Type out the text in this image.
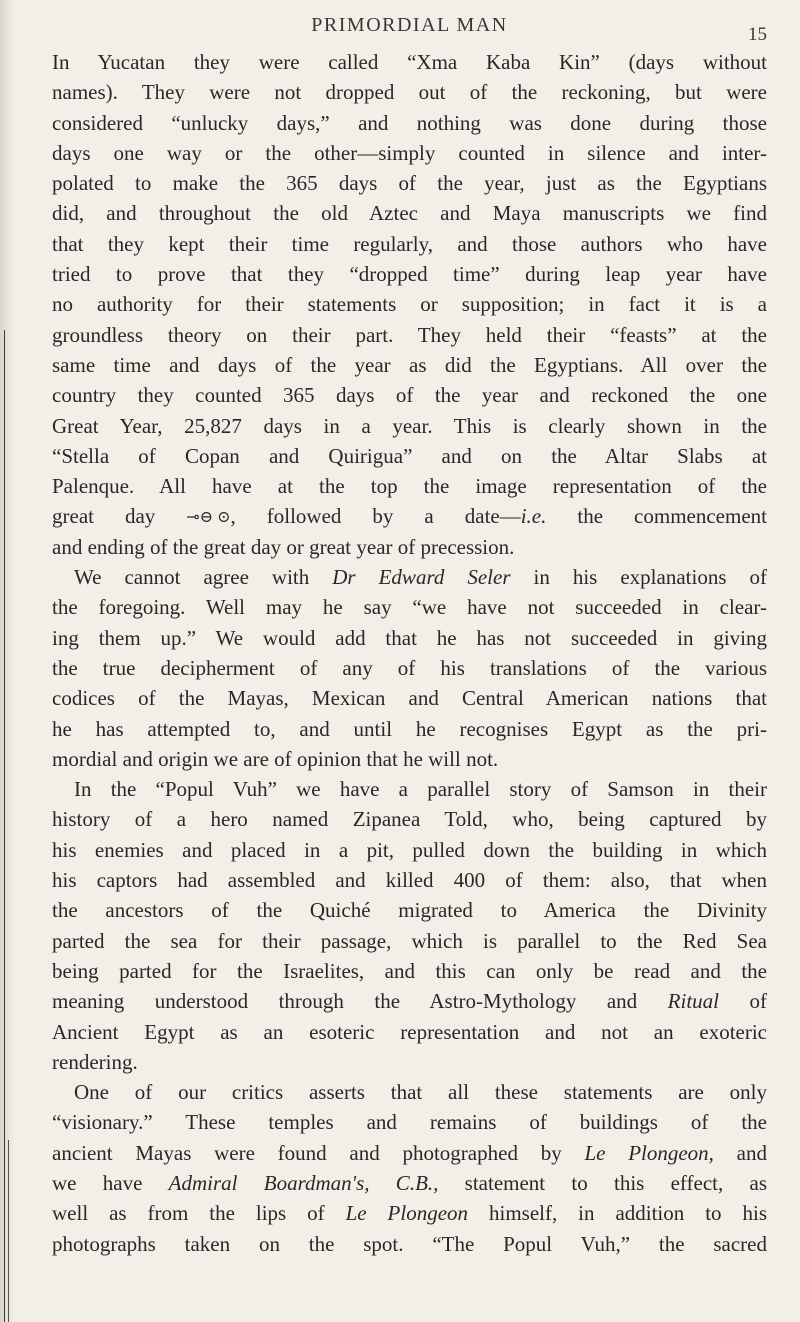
PRIMORDIAL MAN	15
In Yucatan they were called “Xma Kaba Kin” (days without
names). They were not dropped out of the reckoning, but were
considered “unlucky days,” and nothing was done during those
days one way or the other—simply counted in silence and inter-
polated to make the 365 days of the year, just as the Egyptians
did, and throughout the old Aztec and Maya manuscripts we find
that they kept their time regularly, and those authors who have
tried to prove that they “dropped time” during leap year have
no authority for their statements or supposition; in fact it is a
groundless theory on their part. They held their “feasts” at the
same time and days of the year as did the Egyptians. All over the
country they counted 365 days of the year and reckoned the one
Great Year, 25,827 days in a year. This is clearly shown in the
“Stella of Copan and Quirigua” and on the Altar Slabs at
Palenque. All have at the top the image representation of the
great day ⊸⊖ ⊙, followed by a date—i.e. the commencement
and ending of the great day or great year of precession.
We cannot agree with Dr Edward Seler in his explanations of
the foregoing. Well may he say “we have not succeeded in clear-
ing them up.” We would add that he has not succeeded in giving
the true decipherment of any of his translations of the various
codices of the Mayas, Mexican and Central American nations that
he has attempted to, and until he recognises Egypt as the pri-
mordial and origin we are of opinion that he will not.
In the “Popul Vuh” we have a parallel story of Samson in their
history of a hero named Zipanea Told, who, being captured by
his enemies and placed in a pit, pulled down the building in which
his captors had assembled and killed 400 of them: also, that when
the ancestors of the Quiché migrated to America the Divinity
parted the sea for their passage, which is parallel to the Red Sea
being parted for the Israelites, and this can only be read and the
meaning understood through the Astro-Mythology and Ritual of
Ancient Egypt as an esoteric representation and not an exoteric
rendering.
One of our critics asserts that all these statements are only
“visionary.” These temples and remains of buildings of the
ancient Mayas were found and photographed by Le Plongeon, and
we have Admiral Boardman's, C.B., statement to this effect, as
well as from the lips of Le Plongeon himself, in addition to his
photographs taken on the spot. “The Popul Vuh,” the sacred
